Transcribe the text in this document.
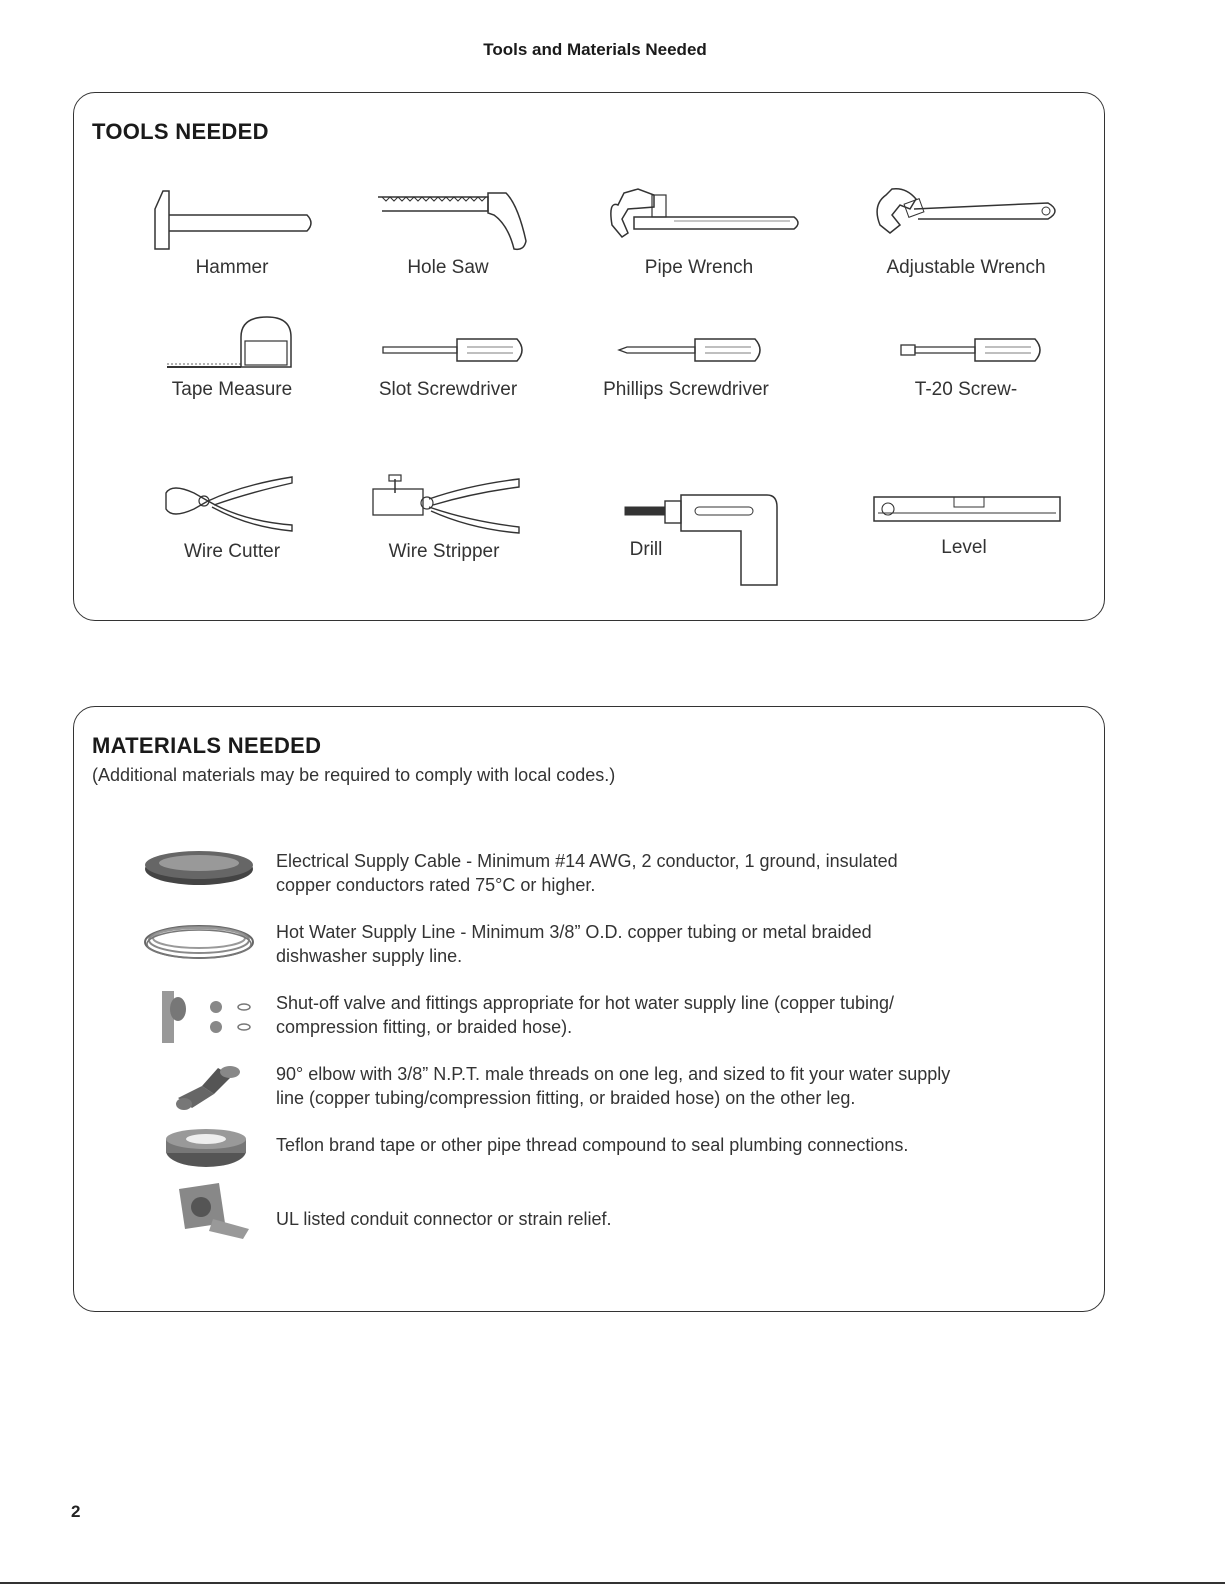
Tools and Materials Needed
TOOLS NEEDED
Hammer	Hole Saw	Pipe Wrench	Adjustable Wrench
Tape Measure	Slot Screwdriver	Phillips Screwdriver	T-20 Screw-
Wire Cutter	Wire Stripper	Drill	Level
MATERIALS NEEDED
(Additional materials may be required to comply with local codes.)
Electrical Supply Cable - Minimum #14 AWG, 2 conductor, 1 ground, insulated
copper conductors rated 75°C or higher.
Hot Water Supply Line - Minimum 3/8” O.D. copper tubing or metal braided
dishwasher supply line.
Shut-off valve and fittings appropriate for hot water supply line (copper tubing/
compression fitting, or braided hose).
90° elbow with 3/8” N.P.T. male threads on one leg, and sized to fit your water supply
line (copper tubing/compression fitting, or braided hose) on the other leg.
Teflon brand tape or other pipe thread compound to seal plumbing connections.
UL listed conduit connector or strain relief.
2
